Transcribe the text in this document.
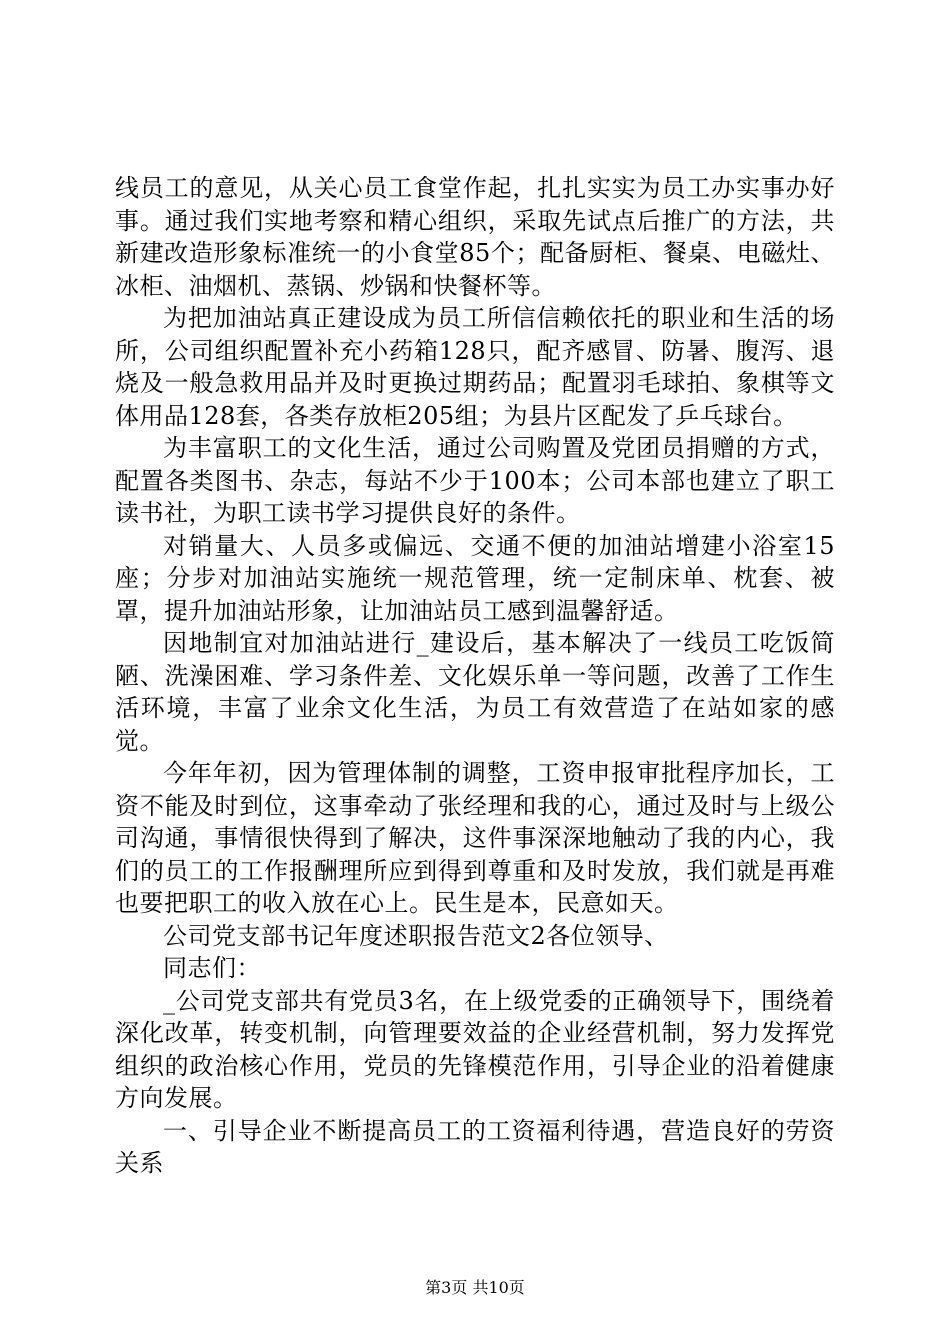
线员工的意见，从关心员工食堂作起，扎扎实实为员工办实事办好事。通过我们实地考察和精心组织，采取先试点后推广的方法，共新建改造形象标准统一的小食堂85个；配备厨柜、餐桌、电磁灶、冰柜、油烟机、蒸锅、炒锅和快餐杯等。

为把加油站真正建设成为员工所信信赖依托的职业和生活的场所，公司组织配置补充小药箱128只，配齐感冒、防暑、腹泻、退烧及一般急救用品并及时更换过期药品；配置羽毛球拍、象棋等文体用品128套，各类存放柜205组；为县片区配发了乒乓球台。

为丰富职工的文化生活，通过公司购置及党团员捐赠的方式，配置各类图书、杂志，每站不少于100本；公司本部也建立了职工读书社，为职工读书学习提供良好的条件。

对销量大、人员多或偏远、交通不便的加油站增建小浴室15座；分步对加油站实施统一规范管理，统一定制床单、枕套、被罩，提升加油站形象，让加油站员工感到温馨舒适。

因地制宜对加油站进行_建设后，基本解决了一线员工吃饭简陋、洗澡困难、学习条件差、文化娱乐单一等问题，改善了工作生活环境，丰富了业余文化生活，为员工有效营造了在站如家的感觉。

今年年初，因为管理体制的调整，工资申报审批程序加长，工资不能及时到位，这事牵动了张经理和我的心，通过及时与上级公司沟通，事情很快得到了解决，这件事深深地触动了我的内心，我们的员工的工作报酬理所应到得到尊重和及时发放，我们就是再难也要把职工的收入放在心上。民生是本，民意如天。

公司党支部书记年度述职报告范文2各位领导、

同志们：

_公司党支部共有党员3名，在上级党委的正确领导下，围绕着深化改革，转变机制，向管理要效益的企业经营机制，努力发挥党组织的政治核心作用，党员的先锋模范作用，引导企业的沿着健康方向发展。

一、引导企业不断提高员工的工资福利待遇，营造良好的劳资关系

第3页 共10页
